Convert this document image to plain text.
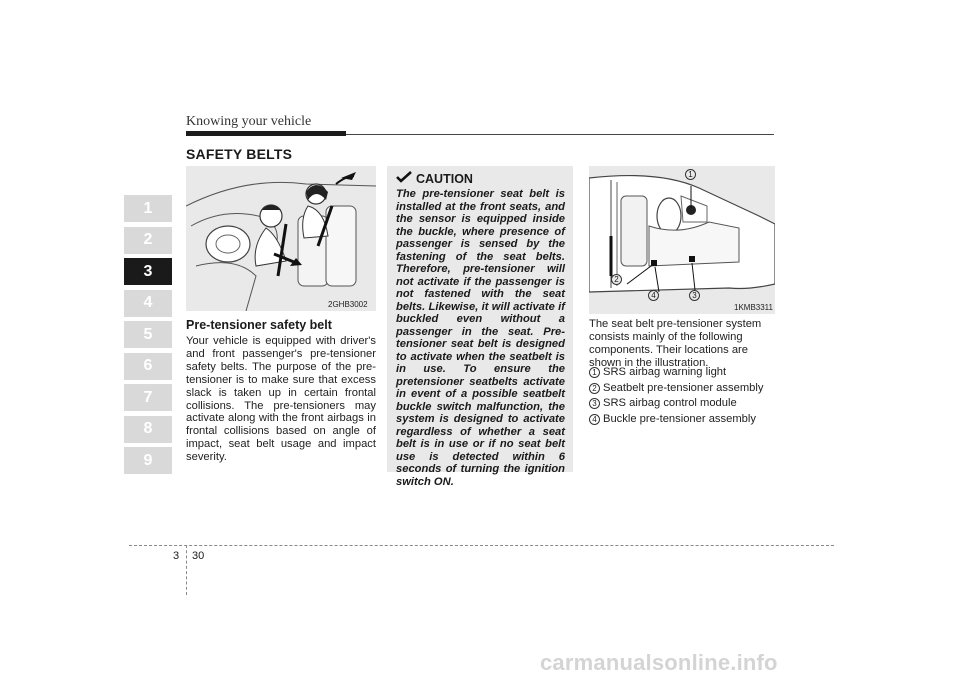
Knowing your vehicle
SAFETY BELTS
1
2
3
4
5
6
7
8
9
2GHB3002
Pre-tensioner safety belt
Your vehicle is equipped with driver's and front passenger's pre-tensioner safety belts. The purpose of the pre-tensioner is to make sure that excess slack is taken up in certain frontal collisions. The pre-tensioners may activate along with the front airbags in frontal collisions based on angle of impact, seat belt usage and impact severity.
CAUTION
The pre-tensioner seat belt is installed at the front seats, and the sensor is equipped inside the buckle, where presence of passenger is sensed by the fastening of the seat belts. Therefore, pre-tensioner will not activate if the passenger is not fastened with the seat belts. Likewise, it will activate if buckled even without a passenger in the seat. Pre-tensioner seat belt is designed to activate when the seatbelt is in use. To ensure the pretensioner seatbelts activate in event of a possible seatbelt buckle switch malfunction, the system is designed to activate regardless of whether a seat belt is in use or if no seat belt use is detected within 6 seconds of turning the ignition switch ON.
1
2
3
4
1KMB3311
The seat belt pre-tensioner system consists mainly of the following components. Their locations are shown in the illustration.
1 SRS airbag warning light
2 Seatbelt pre-tensioner assembly
3 SRS airbag control module
4 Buckle pre-tensioner assembly
3 30
carmanualsonline.info
